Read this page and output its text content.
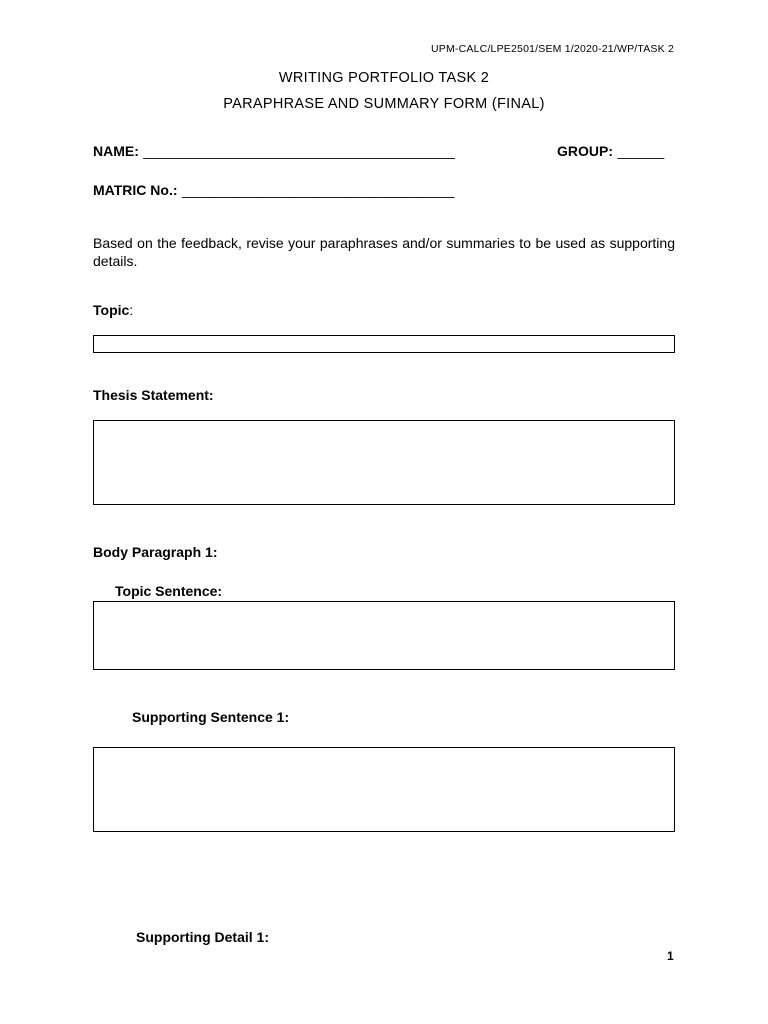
UPM-CALC/LPE2501/SEM 1/2020-21/WP/TASK 2
WRITING PORTFOLIO TASK 2
PARAPHRASE AND SUMMARY FORM (FINAL)
NAME: ________________________________________	GROUP: ______
MATRIC No.: ___________________________________
Based on the feedback, revise your paraphrases and/or summaries to be used as supporting details.
Topic:
Thesis Statement:
Body Paragraph 1:
Topic Sentence:
Supporting Sentence 1:
Supporting Detail 1:
1
